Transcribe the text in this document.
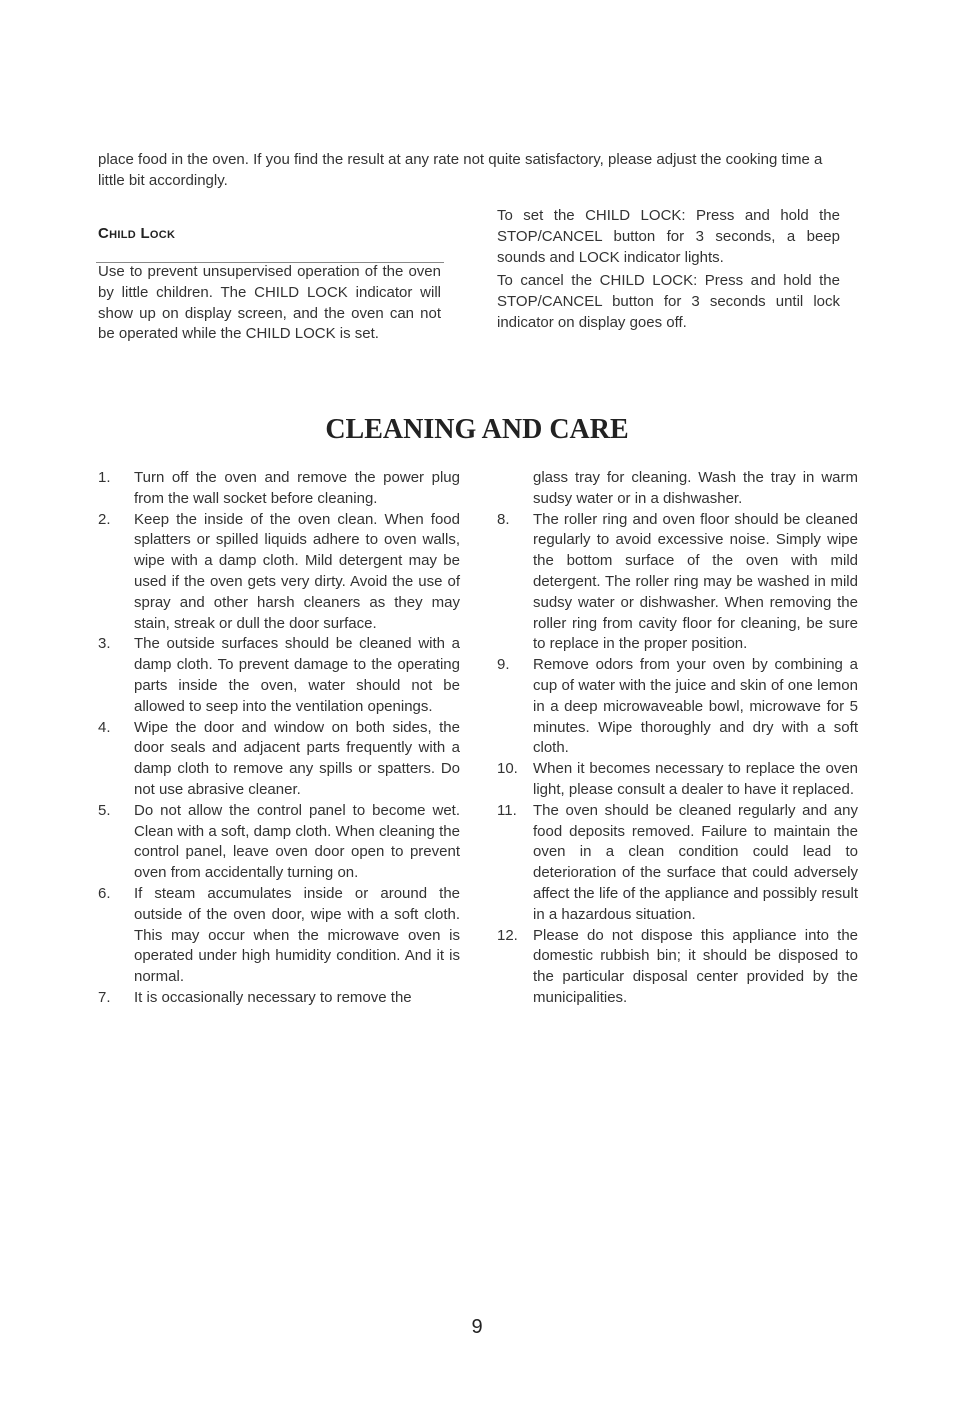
place food in the oven. If you find the result at any rate not quite satisfactory, please adjust the cooking time a little bit accordingly.
Child Lock
Use to prevent unsupervised operation of the oven by little children. The CHILD LOCK indicator will show up on display screen, and the oven can not be operated while the CHILD LOCK is set.

To set the CHILD LOCK: Press and hold the STOP/CANCEL button for 3 seconds, a beep sounds and LOCK indicator lights.

To cancel the CHILD LOCK: Press and hold the STOP/CANCEL button for 3 seconds until lock indicator on display goes off.

CLEANING AND CARE
1. Turn off the oven and remove the power plug from the wall socket before cleaning.
2. Keep the inside of the oven clean. When food splatters or spilled liquids adhere to oven walls, wipe with a damp cloth. Mild detergent may be used if the oven gets very dirty. Avoid the use of spray and other harsh cleaners as they may stain, streak or dull the door surface.
3. The outside surfaces should be cleaned with a damp cloth. To prevent damage to the operating parts inside the oven, water should not be allowed to seep into the ventilation openings.
4. Wipe the door and window on both sides, the door seals and adjacent parts frequently with a damp cloth to remove any spills or spatters. Do not use abrasive cleaner.
5. Do not allow the control panel to become wet. Clean with a soft, damp cloth. When cleaning the control panel, leave oven door open to prevent oven from accidentally turning on.
6. If steam accumulates inside or around the outside of the oven door, wipe with a soft cloth. This may occur when the microwave oven is operated under high humidity condition. And it is normal.
7. It is occasionally necessary to remove the
glass tray for cleaning. Wash the tray in warm sudsy water or in a dishwasher.
8. The roller ring and oven floor should be cleaned regularly to avoid excessive noise. Simply wipe the bottom surface of the oven with mild detergent. The roller ring may be washed in mild sudsy water or dishwasher. When removing the roller ring from cavity floor for cleaning, be sure to replace in the proper position.
9. Remove odors from your oven by combining a cup of water with the juice and skin of one lemon in a deep microwaveable bowl, microwave for 5 minutes. Wipe thoroughly and dry with a soft cloth.
10. When it becomes necessary to replace the oven light, please consult a dealer to have it replaced.
11. The oven should be cleaned regularly and any food deposits removed. Failure to maintain the oven in a clean condition could lead to deterioration of the surface that could adversely affect the life of the appliance and possibly result in a hazardous situation.
12. Please do not dispose this appliance into the domestic rubbish bin; it should be disposed to the particular disposal center provided by the municipalities.
9
